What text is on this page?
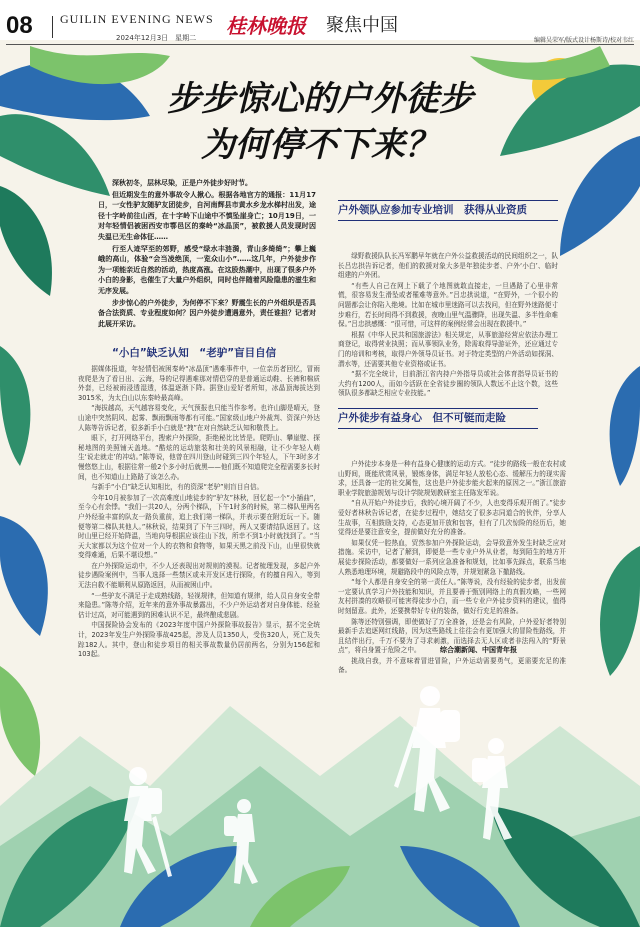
08 GUILIN EVENING NEWS
2024年12月3日　星期二 桂林晚报 聚焦中国
编辑吴荣军/版式设计杨斯诗/校对韦红
步步惊心的户外徒步
为何停不下来？

深秋初冬，层林尽染，正是户外徒步好时节。

但近期发生的意外事故令人揪心。根据各地官方的通报：11月17日，一女性驴友随驴友团徒步，自河南辉县市黄水乡龙水梯村出发，途径十字岭前往山西，在十字岭下山途中不慎坠崖身亡；10月19日，一对年轻情侣被困西安市鄠邑区的秦岭“冰晶顶”，被救援人员发现时因失温已无生命体征……

行至人迹罕至的郊野，感受“绿水丰涟漪，青山多绮绮”；攀上巍峨的高山，体验“会当凌绝顶，一览众山小”……这几年，户外徒步作为一项能亲近自然的活动，热度高涨。在这股热潮中，出现了很多户外小白的身影，也催生了大量户外组织，同时也伴随着风险隐患的滋生和无序发展。

步步惊心的户外徒步，为何停不下来？野震生长的户外组织是否具备合法资质、专业程度如何？因户外徒步遭遇意外，责任谁担？记者对此展开采访。

“小白”缺乏认知　“老驴”盲目自信

据媒体报道，年轻情侣被困秦岭“冰晶顶”遇难事件中，一位亲历者回忆，冒雨夜爬是为了看日出、云海，导的记得遇难那对情侣穿的是普通运动鞋、长裤和棉质外套，已经被雨浸透湿透，体温逐渐下降。据登山爱好者所知，冰晶顶海拔达到3015米，为太白山以东秦岭最高峰。

“海拔越高，天气越容易变化，天气预报也只能当作参考。也许山脚是晴天，登山途中突然阴风、起雾、飘雨飘雨等都有可能。”国家级山地户外裁判、资深户外达人陈等告诉记者，很多新手小白就是“拽”在对自然缺乏认知和敬畏上。

眼下，打开网络平台，搜索户外探险，拒绝秘比比皆是。爬野山、攀崖壁、探秘地图的美照铺天盖地。“酷炫的运动旅装和壮美的风景相融，让不少年轻人萌生‘说走就走’的冲动。”陈等说，他曾在四川登山时碰到三四个年轻人，下午3时多才慢悠悠上山，根据往常一般2个多小时后就黑——他们既不知道爬完全程需要多长时间，也不知道山上路路了该怎么办。

与新手“小白”缺乏认知相比，有的资深“老驴”则盲目自信。

今年10月被参加了一次高难度山地徒步的“驴友”林秋，回忆起一个“小插曲”，至今心有余悸。“我们一共20人，分两个梯队，下午1时多的时候，第二梯队里两名户外经验丰富的队友一路负重前，追上我们第一梯队，并表示要在附近玩一下。随便等第二梯队其他人。”林秋说，结果到了下午三四时，两人又要请结队返回了。这时山里已经开始降温，当地向导根据应该往山下找，所幸不到1小时就找到了。“当天大家都以为这个位对一个人的衣物和食物等，如果天黑之前没下山，山里很快就变得难通，后果不堪设想。”

在户外探险运动中，不少人还表现出对规则的漠视。记者梳理发现，多起户外徒步遇险案例中，当事人选择一些禁区或未开发区进行探险，有的擅自闯入，等到无法自救不能顺利从原路返回，从而被困山中。

“一些驴友不满足于走成熟线路，轻视规律，但知道有规律，给人员自身安全带来隐患。”陈等介绍，近年来的意外事故暴露出，不少户外运动者对自身体能、经验估计过高，对可能遇到的困难认识不足，最终酿成悲剧。

中国探险协会发布的《2023年度中国户外探险事故报告》显示，据不完全统计，2023年发生户外探险事故425起，涉及人员1350人，受伤320人，死亡及失踪182人。其中，登山和徒步项目的相关事故数量仍居前两名，分别为156起和103起。

户外领队应参加专业培训　获得从业资质

绿野救援队队长冯军鹏早年就在户外公益救援活动的民间组织之一，队长吕忠拱告诉记者，他们的救援对象大多是年独徒步者、户外‘小白’、临时组建的户外团。

“有些人自己在网上下载了个地图就敢直接走，一旦遇路了心里非常慌，很容易发生滑坠或者罹难等意外。”吕忠拱说道，“在野外，一个很小的问题都会让你陷入绝境。比如在城市里迷路可以去找问，但在野外迷路便寸步难行，若长时间得不到救援，夜晚山里气温骤降，出现失温、多半性命难保。”吕忠拱感慨：“很可惜，可这样的案例经常会出现在救援中。”

根据《中华人民共和国旅游法》相关规定，从事旅游经营应依法办理工商登记，取得营业执照；而从事领队业务，除需取得导游证外，还应通过专门的培训和考核，取得户外领导员证书。对于特定类型的户外活动如探洞、潜水等，还需要其他专业资格或证书。

“据不完全统计，目前浙江省内持户外指导员或社会体育指导员证书的大约有1200人，而如今活跃在全省徒步圈的领队人数远不止这个数，这些领队很多都缺乏相应专业技能。”

户外徒步有益身心　但不可铤而走险

户外徒步本身是一种有益身心健康的运动方式。“徒步的路线一般在农村或山野间，既能欣赏风景，锻炼身体，满足年轻人放松心态、缓解压力的现实需求，还具备一定的社交属性，这也是户外徒步能火起来的原因之一。”浙江旅游职业学院旅游规划与设计学院规划教研室主任陈发军说。

“自从开始户外徒步后，我的心境开阔了不少，人也变得乐观开朗了。”徒步爱好者林秋告诉记者，在徒步过程中，她结交了很多志同道合的伙伴，分享人生故事，互相鼓励支持，心态更加开放和包容，但有了几次惊险的经历后，她觉得还是要注意安全，提前做好充分的准备。

如果仅凭一腔热血，贸然参加户外探险运动，会导致意外发生时缺乏应对措施。采访中，记者了解到，即便是一些专业户外从业者，每到陌生的地方开展徒步探险活动，都要做好一系列应急准备和规划，比如事先踩点，联系当地人熟悉地理环境，规避路段中的风险点等，并规划紧急下撤路线。

“每个人都是自身安全的第一责任人。”陈等说，没有经验的徒步者，出发前一定要认真学习户外技能和知识，并且要善于甄别网络上的真假攻略，一些网友村拼凑的攻略很可能害得徒步小白，而一些专业户外徒步资料的建议，值得时刻留意。此外，还要携带好专业的装备，做好行充足的准备。

陈等还特别强调，即使做好了万全准备，还是会有风险，户外爱好者特别最新手去追逐网红线路，因为这些路线上往往会有更加强大的冒险性路线，并且结伴出行，千万不要为了寻求刺激，而选择去无人区或者非法闯入的“野景点”，将自身置于危险之中。

挑战自我，并不意味着冒进冒险，户外运动需要勇气，更需要充足的准备。

综合潮新闻、中国青年报
